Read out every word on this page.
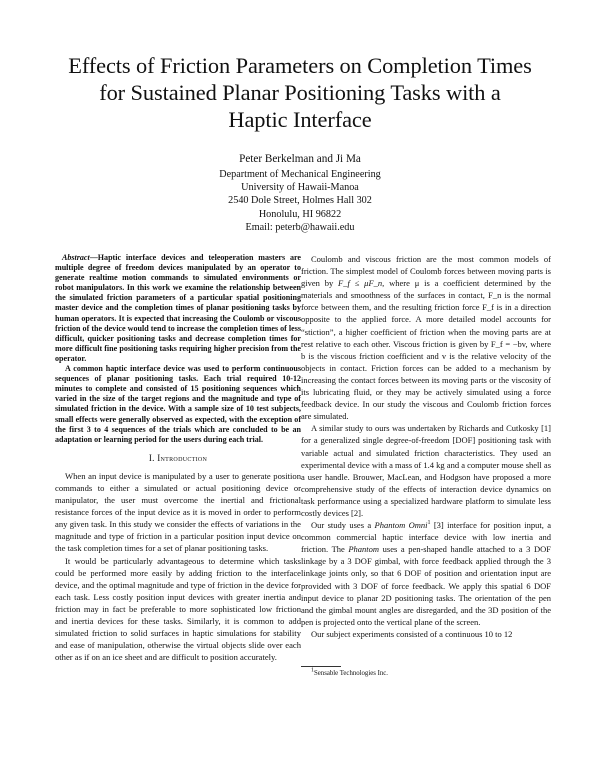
Effects of Friction Parameters on Completion Times
for Sustained Planar Positioning Tasks with a
Haptic Interface
Peter Berkelman and Ji Ma
Department of Mechanical Engineering
University of Hawaii-Manoa
2540 Dole Street, Holmes Hall 302
Honolulu, HI 96822
Email: peterb@hawaii.edu

Abstract—Haptic interface devices and teleoperation masters are multiple degree of freedom devices manipulated by an operator to generate realtime motion commands to simulated environments or robot manipulators. In this work we examine the relationship between the simulated friction parameters of a particular spatial positioning master device and the completion times of planar positioning tasks by human operators. It is expected that increasing the Coulomb or viscous friction of the device would tend to increase the completion times of less difficult, quicker positioning tasks and decrease completion times for more difficult fine positioning tasks requiring higher precision from the operator.

A common haptic interface device was used to perform continuous sequences of planar positioning tasks. Each trial required 10-12 minutes to complete and consisted of 15 positioning sequences which varied in the size of the target regions and the magnitude and type of simulated friction in the device. With a sample size of 10 test subjects, small effects were generally observed as expected, with the exception of the first 3 to 4 sequences of the trials which are concluded to be an adaptation or learning period for the users during each trial.

I. Introduction

When an input device is manipulated by a user to generate position commands to either a simulated or actual positioning device or manipulator, the user must overcome the inertial and frictional resistance forces of the input device as it is moved in order to perform any given task. In this study we consider the effects of variations in the magnitude and type of friction in a particular position input device on the task completion times for a set of planar positioning tasks.

It would be particularly advantageous to determine which tasks could be performed more easily by adding friction to the interface device, and the optimal magnitude and type of friction in the device for each task. Less costly position input devices with greater inertia and friction may in fact be preferable to more sophisticated low friction and inertia devices for these tasks. Similarly, it is common to add simulated friction to solid surfaces in haptic simulations for stability and ease of manipulation, otherwise the virtual objects slide over each other as if on an ice sheet and are difficult to position accurately.

Coulomb and viscous friction are the most common models of friction. The simplest model of Coulomb forces between moving parts is given by F_f ≤ μF_n, where μ is a coefficient determined by the materials and smoothness of the surfaces in contact, F_n is the normal force between them, and the resulting friction force F_f is in a direction opposite to the applied force. A more detailed model accounts for “stiction”, a higher coefficient of friction when the moving parts are at rest relative to each other. Viscous friction is given by F_f = −bv, where b is the viscous friction coefficient and v is the relative velocity of the objects in contact. Friction forces can be added to a mechanism by increasing the contact forces between its moving parts or the viscosity of its lubricating fluid, or they may be actively simulated using a force feedback device. In our study the viscous and Coulomb friction forces are simulated.

A similar study to ours was undertaken by Richards and Cutkosky [1] for a generalized single degree-of-freedom [DOF] positioning task with variable actual and simulated friction characteristics. They used an experimental device with a mass of 1.4 kg and a computer mouse shell as a user handle. Brouwer, MacLean, and Hodgson have proposed a more comprehensive study of the effects of interaction device dynamics on task performance using a specialized hardware platform to simulate less costly devices [2].

Our study uses a Phantom Omni$^1$ [3] interface for position input, a common commercial haptic interface device with low inertia and friction. The Phantom uses a pen-shaped handle attached to a 3 DOF linkage by a 3 DOF gimbal, with force feedback applied through the 3 linkage joints only, so that 6 DOF of position and orientation input are provided with 3 DOF of force feedback. We apply this spatial 6 DOF input device to planar 2D positioning tasks. The orientation of the pen and the gimbal mount angles are disregarded, and the 3D position of the pen is projected onto the vertical plane of the screen.

Our subject experiments consisted of a continuous 10 to 12

$^1$Sensable Technologies Inc.
